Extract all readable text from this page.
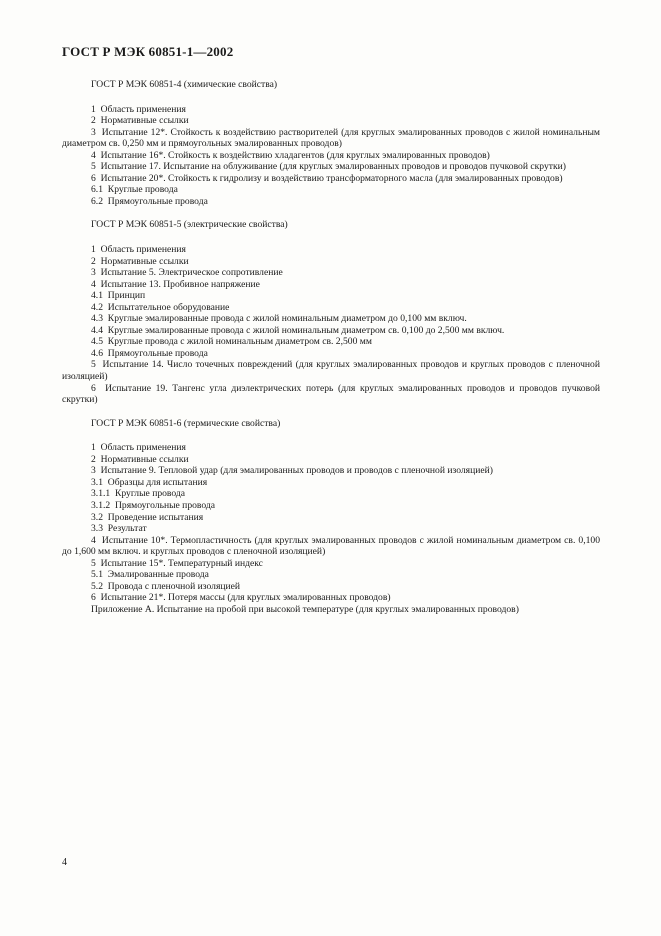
ГОСТ Р МЭК 60851-1—2002
ГОСТ Р МЭК 60851-4 (химические свойства)
1  Область применения
2  Нормативные ссылки
3  Испытание 12*. Стойкость к воздействию растворителей (для круглых эмалированных проводов с жилой номинальным диаметром св. 0,250 мм и прямоугольных эмалированных проводов)
4  Испытание 16*. Стойкость к воздействию хладагентов (для круглых эмалированных проводов)
5  Испытание 17. Испытание на облуживание (для круглых эмалированных проводов и проводов пучковой скрутки)
6  Испытание 20*. Стойкость к гидролизу и воздействию трансформаторного масла (для эмалированных проводов)
6.1  Круглые провода
6.2  Прямоугольные провода
ГОСТ Р МЭК 60851-5 (электрические свойства)
1  Область применения
2  Нормативные ссылки
3  Испытание 5. Электрическое сопротивление
4  Испытание 13. Пробивное напряжение
4.1  Принцип
4.2  Испытательное оборудование
4.3  Круглые эмалированные провода с жилой номинальным диаметром до 0,100 мм включ.
4.4  Круглые эмалированные провода с жилой номинальным диаметром св. 0,100 до 2,500 мм включ.
4.5  Круглые провода с жилой номинальным диаметром св. 2,500 мм
4.6  Прямоугольные провода
5  Испытание 14. Число точечных повреждений (для круглых эмалированных проводов и круглых проводов с пленочной изоляцией)
6  Испытание 19. Тангенс угла диэлектрических потерь (для круглых эмалированных проводов и проводов пучковой скрутки)
ГОСТ Р МЭК 60851-6 (термические свойства)
1  Область применения
2  Нормативные ссылки
3  Испытание 9. Тепловой удар (для эмалированных проводов и проводов с пленочной изоляцией)
3.1  Образцы для испытания
3.1.1  Круглые провода
3.1.2  Прямоугольные провода
3.2  Проведение испытания
3.3  Результат
4  Испытание 10*. Термопластичность (для круглых эмалированных проводов с жилой номинальным диаметром св. 0,100 до 1,600 мм включ. и круглых проводов с пленочной изоляцией)
5  Испытание 15*. Температурный индекс
5.1  Эмалированные провода
5.2  Провода с пленочной изоляцией
6  Испытание 21*. Потеря массы (для круглых эмалированных проводов)
Приложение А. Испытание на пробой при высокой температуре (для круглых эмалированных проводов)
4
